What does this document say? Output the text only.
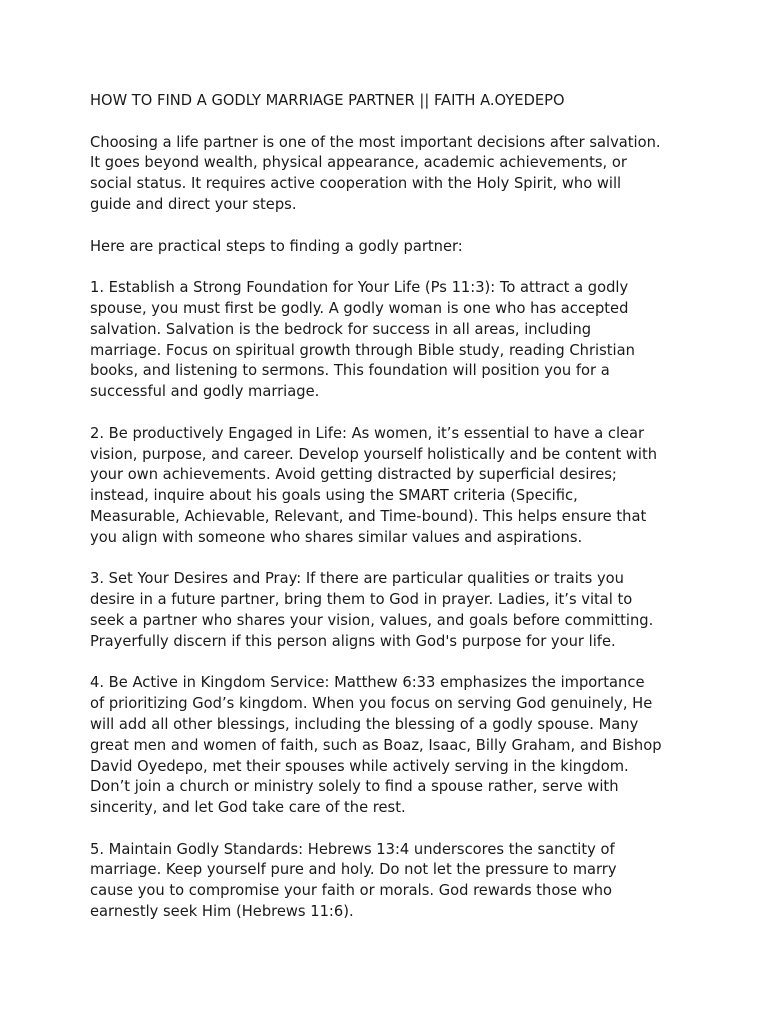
HOW TO FIND A GODLY MARRIAGE PARTNER || FAITH A.OYEDEPO

Choosing a life partner is one of the most important decisions after salvation.
It goes beyond wealth, physical appearance, academic achievements, or
social status. It requires active cooperation with the Holy Spirit, who will
guide and direct your steps.

Here are practical steps to finding a godly partner:

1. Establish a Strong Foundation for Your Life (Ps 11:3): To attract a godly
spouse, you must first be godly. A godly woman is one who has accepted
salvation. Salvation is the bedrock for success in all areas, including
marriage. Focus on spiritual growth through Bible study, reading Christian
books, and listening to sermons. This foundation will position you for a
successful and godly marriage.

2. Be productively Engaged in Life: As women, it’s essential to have a clear
vision, purpose, and career. Develop yourself holistically and be content with
your own achievements. Avoid getting distracted by superficial desires;
instead, inquire about his goals using the SMART criteria (Specific,
Measurable, Achievable, Relevant, and Time-bound). This helps ensure that
you align with someone who shares similar values and aspirations.

3. Set Your Desires and Pray: If there are particular qualities or traits you
desire in a future partner, bring them to God in prayer. Ladies, it’s vital to
seek a partner who shares your vision, values, and goals before committing.
Prayerfully discern if this person aligns with God's purpose for your life.

4. Be Active in Kingdom Service: Matthew 6:33 emphasizes the importance
of prioritizing God’s kingdom. When you focus on serving God genuinely, He
will add all other blessings, including the blessing of a godly spouse. Many
great men and women of faith, such as Boaz, Isaac, Billy Graham, and Bishop
David Oyedepo, met their spouses while actively serving in the kingdom.
Don’t join a church or ministry solely to find a spouse rather, serve with
sincerity, and let God take care of the rest.

5. Maintain Godly Standards: Hebrews 13:4 underscores the sanctity of
marriage. Keep yourself pure and holy. Do not let the pressure to marry
cause you to compromise your faith or morals. God rewards those who
earnestly seek Him (Hebrews 11:6).
